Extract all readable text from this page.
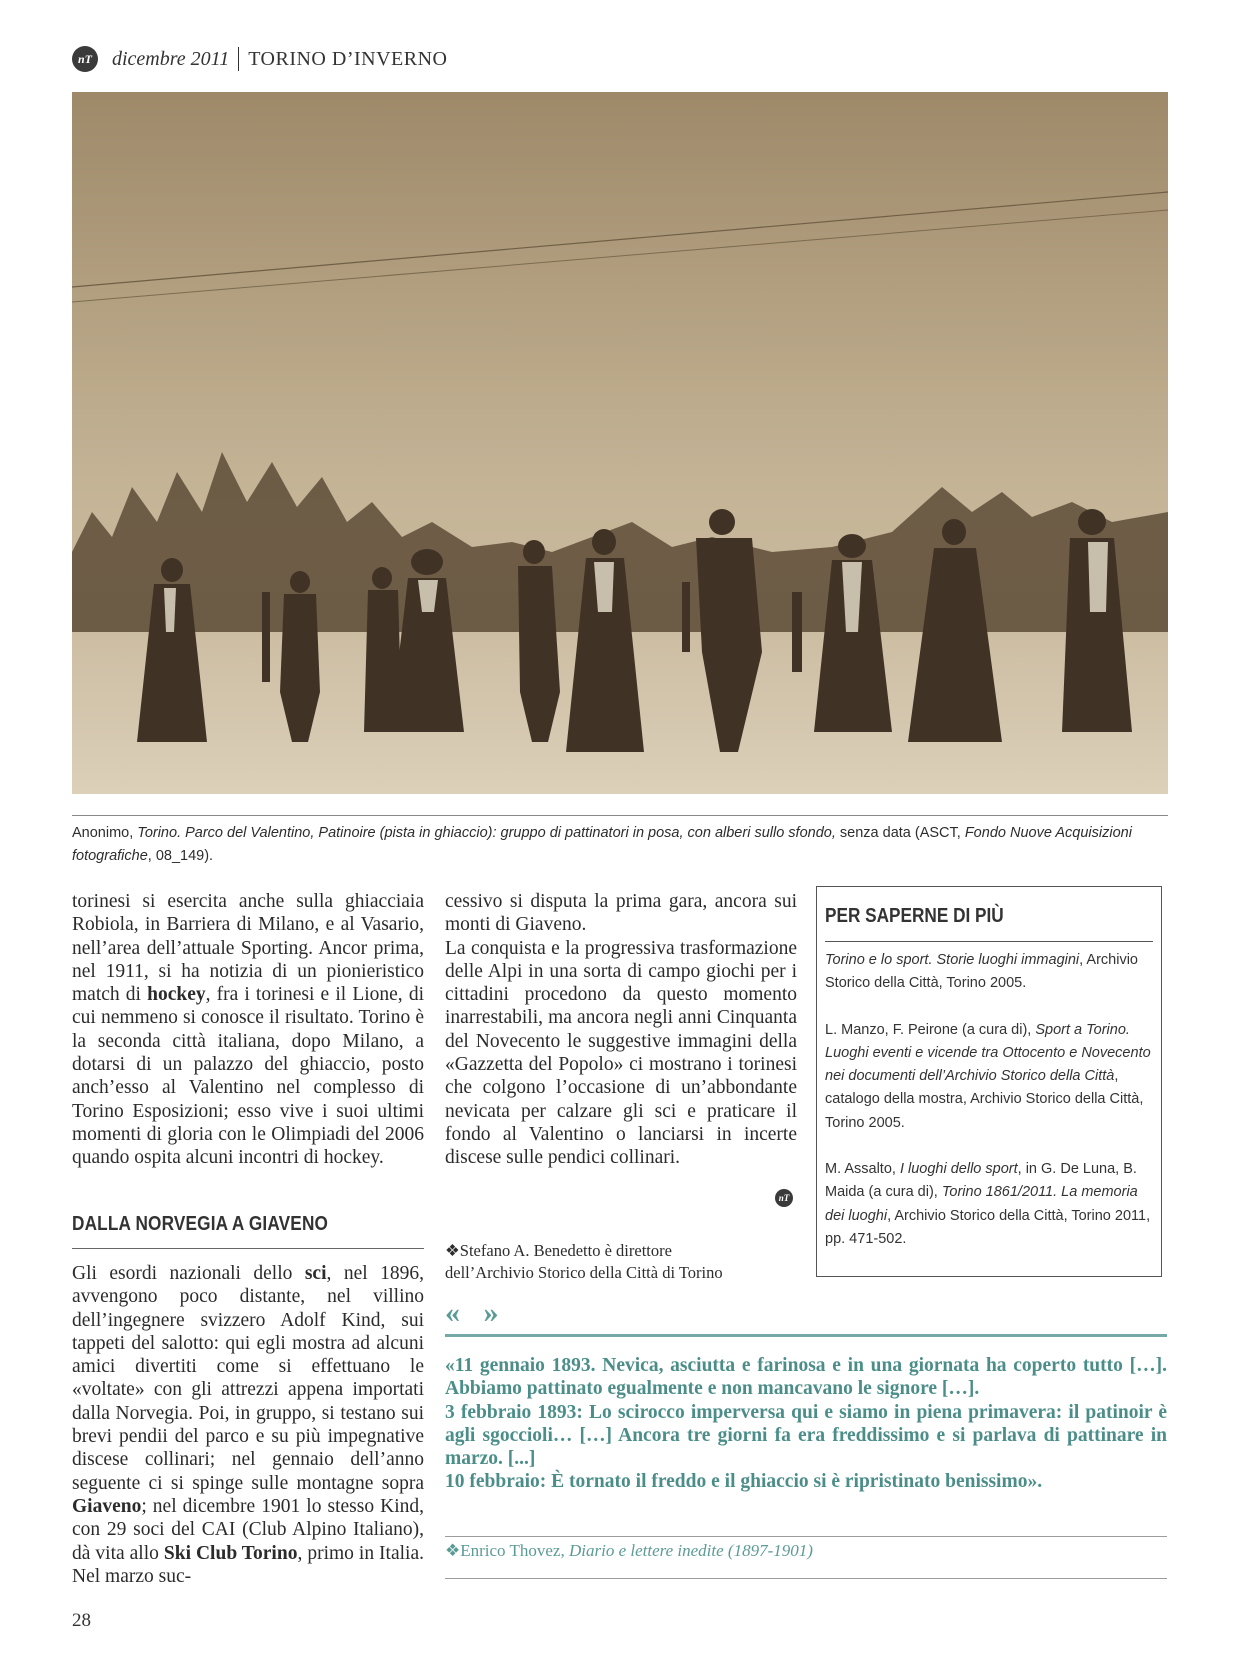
nT	dicembre 2011 TORINO D’INVERNO
Anonimo, Torino. Parco del Valentino, Patinoire (pista in ghiaccio): gruppo di pattinatori in posa, con alberi sullo sfondo, senza data (ASCT, Fondo Nuove Acquisizioni fotografiche, 08_149).

torinesi si esercita anche sulla ghiacciaia Robiola, in Barriera di Milano, e al Vasario, nell’area dell’attuale Sporting. Ancor prima, nel 1911, si ha notizia di un pionieristico match di hockey, fra i torinesi e il Lione, di cui nemmeno si conosce il risultato. Torino è la seconda città italiana, dopo Milano, a dotarsi di un palazzo del ghiaccio, posto anch’esso al Valentino nel complesso di Torino Esposizioni; esso vive i suoi ultimi momenti di gloria con le Olimpiadi del 2006 quando ospita alcuni incontri di hockey.

DALLA NORVEGIA A GIAVENO

Gli esordi nazionali dello sci, nel 1896, avvengono poco distante, nel villino dell’ingegnere svizzero Adolf Kind, sui tappeti del salotto: qui egli mostra ad alcuni amici divertiti come si effettuano le «voltate» con gli attrezzi appena importati dalla Norvegia. Poi, in gruppo, si testano sui brevi pendii del parco e su più impegnative discese collinari; nel gennaio dell’anno seguente ci si spinge sulle montagne sopra Giaveno; nel dicembre 1901 lo stesso Kind, con 29 soci del CAI (Club Alpino Italiano), dà vita allo Ski Club Torino, primo in Italia. Nel marzo suc-

cessivo si disputa la prima gara, ancora sui monti di Giaveno.

La conquista e la progressiva trasformazione delle Alpi in una sorta di campo giochi per i cittadini procedono da questo momento inarrestabili, ma ancora negli anni Cinquanta del Novecento le suggestive immagini della «Gazzetta del Popolo» ci mostrano i torinesi che colgono l’occasione di un’abbondante nevicata per calzare gli sci e praticare il fondo al Valentino o lanciarsi in incerte discese sulle pendici collinari.

nT
❖Stefano A. Benedetto è direttore
dell’Archivio Storico della Città di Torino
PER SAPERNE DI PIÙ

Torino e lo sport. Storie luoghi immagini, Archivio Storico della Città, Torino 2005.

L. Manzo, F. Peirone (a cura di), Sport a Torino. Luoghi eventi e vicende tra Ottocento e Novecento nei documenti dell’Archivio Storico della Città, catalogo della mostra, Archivio Storico della Città, Torino 2005.

M. Assalto, I luoghi dello sport, in G. De Luna, B. Maida (a cura di), Torino 1861/2011. La memoria dei luoghi, Archivio Storico della Città, Torino 2011, pp. 471-502.

« »

«11 gennaio 1893. Nevica, asciutta e farinosa e in una giornata ha coperto tutto […]. Abbiamo pattinato egualmente e non mancavano le signore […].

3 febbraio 1893: Lo scirocco imperversa qui e siamo in piena primavera: il patinoir è agli sgoccioli… […] Ancora tre giorni fa era freddissimo e si parlava di pattinare in marzo. [...]

10 febbraio: È tornato il freddo e il ghiaccio si è ripristinato benissimo».

❖Enrico Thovez, Diario e lettere inedite (1897-1901)
28
